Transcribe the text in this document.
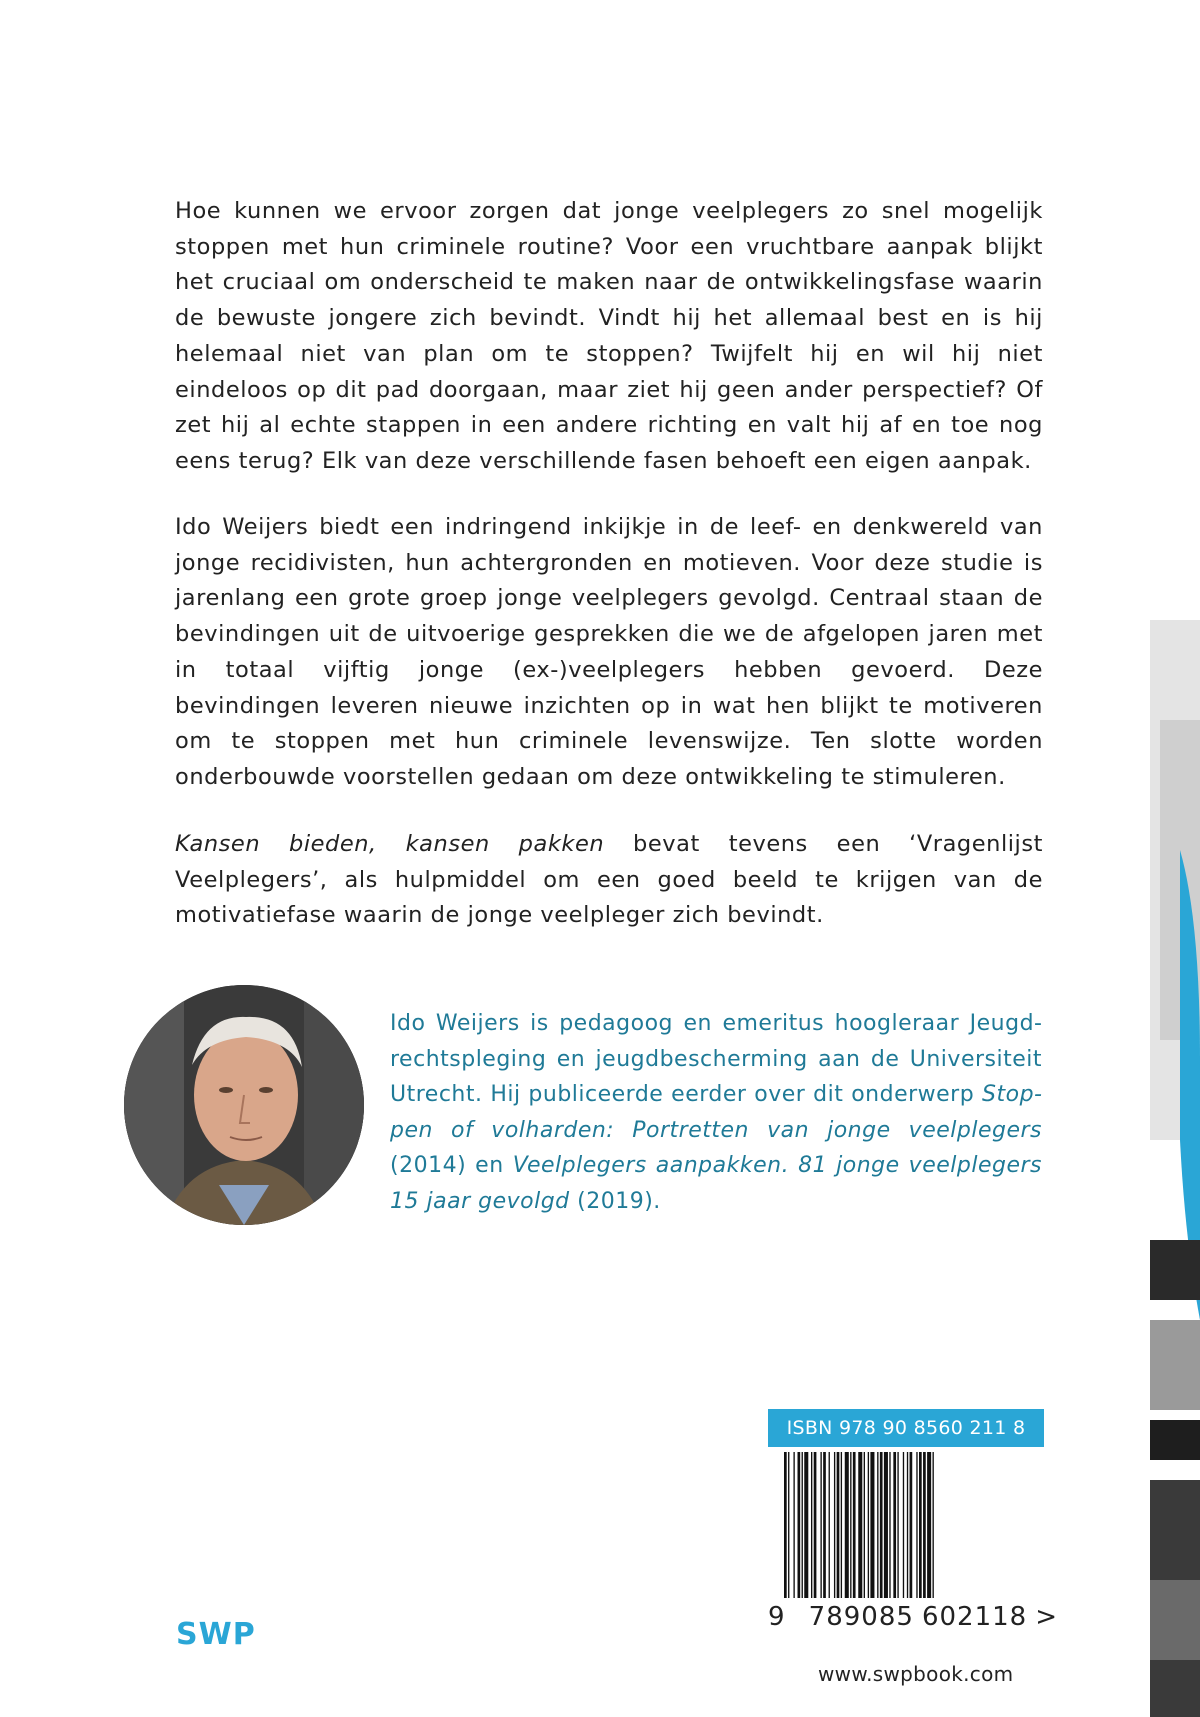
Hoe kunnen we ervoor zorgen dat jonge veelplegers zo snel mogelijk stoppen met hun criminele routine? Voor een vruchtbare aanpak blijkt het cruciaal om onderscheid te maken naar de ontwikkelingsfase waarin de bewuste jongere zich bevindt. Vindt hij het allemaal best en is hij helemaal niet van plan om te stoppen? Twijfelt hij en wil hij niet eindeloos op dit pad doorgaan, maar ziet hij geen ander perspectief? Of zet hij al echte stappen in een andere richting en valt hij af en toe nog eens terug? Elk van deze verschillende fasen behoeft een eigen aanpak.

Ido Weijers biedt een indringend inkijkje in de leef- en denkwereld van jonge recidivisten, hun achtergronden en motieven. Voor deze studie is jarenlang een grote groep jonge veelplegers gevolgd. Centraal staan de bevindingen uit de uitvoerige gesprekken die we de afgelopen jaren met in totaal vijftig jonge (ex-)veelplegers hebben gevoerd. Deze bevindingen leveren nieuwe inzichten op in wat hen blijkt te motiveren om te stoppen met hun criminele levenswijze. Ten slotte worden onderbouwde voorstellen gedaan om deze ontwikkeling te stimuleren.

Kansen bieden, kansen pakken bevat tevens een ‘Vragenlijst Veelplegers’, als hulpmiddel om een goed beeld te krijgen van de motivatiefase waarin de jonge veelpleger zich bevindt.

Ido Weijers is pedagoog en emeritus hoogleraar Jeugdrechtspleging en jeugdbescherming aan de Universiteit Utrecht. Hij publiceerde eerder over dit onderwerp Stoppen of volharden: Portretten van jonge veelplegers (2014) en Veelplegers aanpakken. 81 jonge veelplegers 15 jaar gevolgd (2019).

ISBN 978 90 8560 211 8
9 789085 602118 >
SWP
www.swpbook.com
